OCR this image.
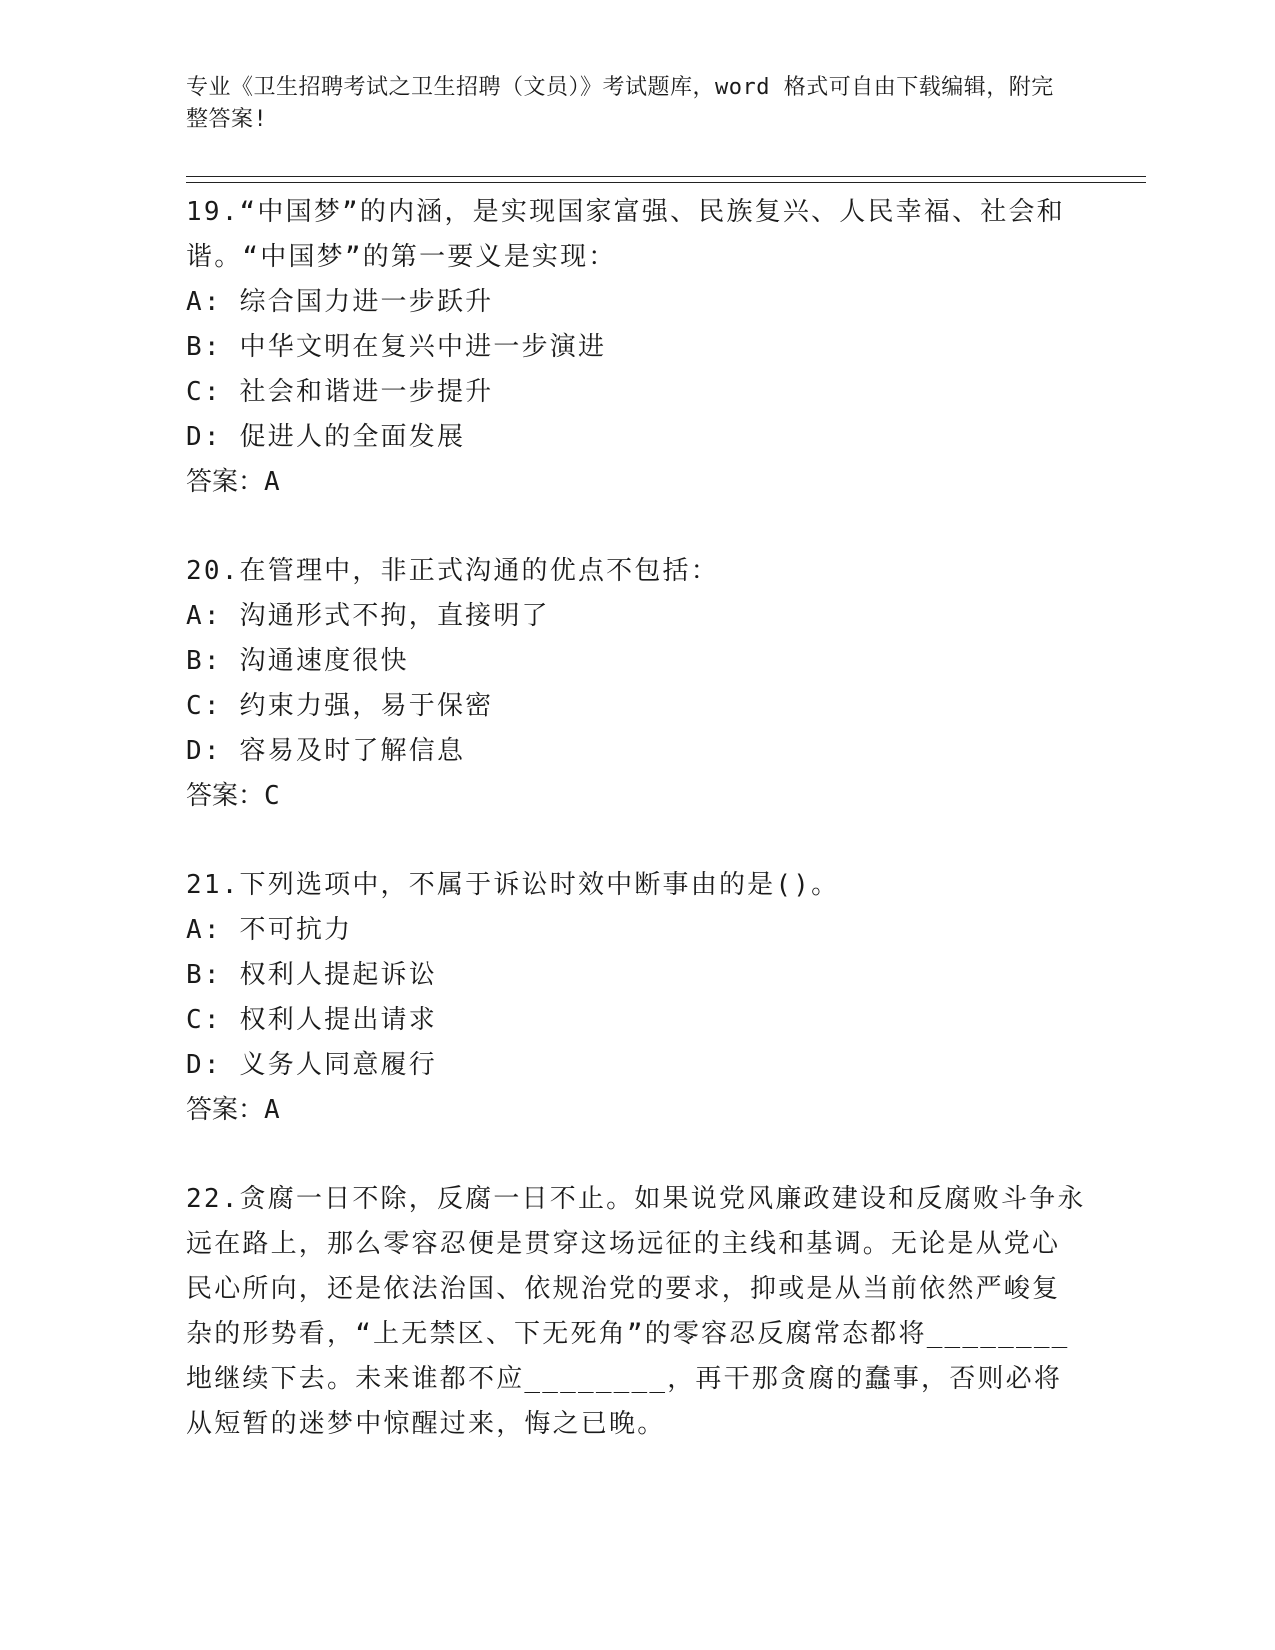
专业《卫生招聘考试之卫生招聘（文员）》考试题库，word 格式可自由下载编辑，附完整答案!
19.“中国梦”的内涵，是实现国家富强、民族复兴、人民幸福、社会和谐。“中国梦”的第一要义是实现：
A: 综合国力进一步跃升
B: 中华文明在复兴中进一步演进
C: 社会和谐进一步提升
D: 促进人的全面发展
答案：A
20.在管理中，非正式沟通的优点不包括：
A: 沟通形式不拘，直接明了
B: 沟通速度很快
C: 约束力强，易于保密
D: 容易及时了解信息
答案：C
21.下列选项中，不属于诉讼时效中断事由的是()。
A: 不可抗力
B: 权利人提起诉讼
C: 权利人提出请求
D: 义务人同意履行
答案：A
22.贪腐一日不除，反腐一日不止。如果说党风廉政建设和反腐败斗争永远在路上，那么零容忍便是贯穿这场远征的主线和基调。无论是从党心民心所向，还是依法治国、依规治党的要求，抑或是从当前依然严峻复杂的形势看，“上无禁区、下无死角”的零容忍反腐常态都将________地继续下去。未来谁都不应________，再干那贪腐的蠢事，否则必将从短暂的迷梦中惊醒过来，悔之已晚。
